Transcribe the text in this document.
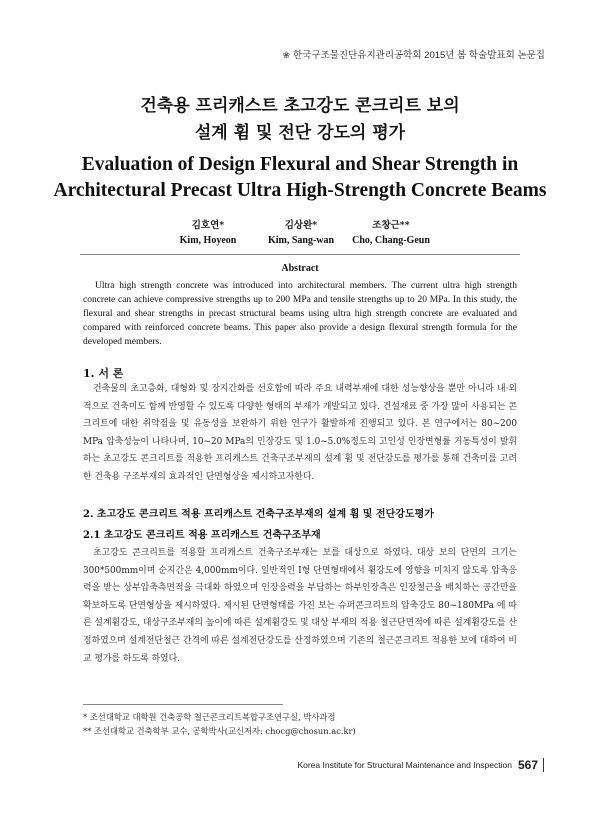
❀ 한국구조물진단유지관리공학회 2015년 봄 학술발표회 논문집
건축용 프리캐스트 초고강도 콘크리트 보의
설계 휨 및 전단 강도의 평가
Evaluation of Design Flexural and Shear Strength in
Architectural Precast Ultra High-Strength Concrete Beams
김호연*
Kim, Hoyeon
김상완*
Kim, Sang-wan
조창근**
Cho, Chang-Geun
Abstract

Ultra high strength concrete was introduced into architectural members. The current ultra high strength concrete can achieve compressive strengths up to 200 MPa and tensile strengths up to 20 MPa. In this study, the flexural and shear strengths in precast structural beams using ultra high strength concrete are evaluated and compared with reinforced concrete beams. This paper also provide a design flexural strength formula for the developed members.

1. 서 론

건축물의 초고층화, 대형화 및 장지간화를 선호함에 따라 주요 내력부재에 대한 성능향상을 뿐만 아니라 내·외적으로 건축미도 함께 반영할 수 있도록 다양한 형태의 부재가 개발되고 있다. 건설재료 중 가장 많이 사용되는 콘크리트에 대한 취약점을 및 유동성을 보완하기 위한 연구가 활발하게 진행되고 있다. 본 연구에서는 80~200 MPa 압축성능이 나타나며, 10~20 MPa의 인장강도 및 1.0~5.0%정도의 고인성 인장변형률 거동특성이 발휘하는 초고강도 콘크리트를 적용한 프리캐스트 건축구조부재의 설계 휨 및 전단강도를 평가를 통해 건축미를 고려한 건축용 구조부재의 효과적인 단면형상을 제시하고자한다.

2. 초고강도 콘크리트 적용 프리캐스트 건축구조부재의 설계 휨 및 전단강도평가
2.1 초고강도 콘크리트 적용 프리캐스트 건축구조부재

초고강도 콘크리트를 적용할 프리캐스트 건축구조부재는 보를 대상으로 하였다. 대상 보의 단면의 크기는 300*500mm이며 순지간은 4,000mm이다. 일반적인 I형 단면형태에서 휨강도에 영향을 미치지 않도록 압축응력을 받는 상부압축측면적을 극대화 하였으며 인장응력을 부담하는 하부인장측은 인장철근을 배치하는 공간만을 확보하도록 단면형상을 제시하였다. 제시된 단면형태를 가진 보는 슈퍼콘크리트의 압축강도 80~180MPa 에 따른 설계휨강도, 대상구조부재의 높이에 따른 설계휨강도 및 대상 부재의 적용 철근단면적에 따른 설계휨강도를 산정하였으며 설계전단철근 간격에 따른 설계전단강도를 산정하였으며 기존의 철근콘크리트 적용한 보에 대하여 비교 평가를 하도록 하였다.

* 조선대학교 대학원 건축공학 철근콘크리트복합구조연구실, 박사과정
** 조선대학교 건축학부 교수, 공학박사(교신저자: chocg@chosun.ac.kr)
Korea Institute for Structural Maintenance and Inspection 567
